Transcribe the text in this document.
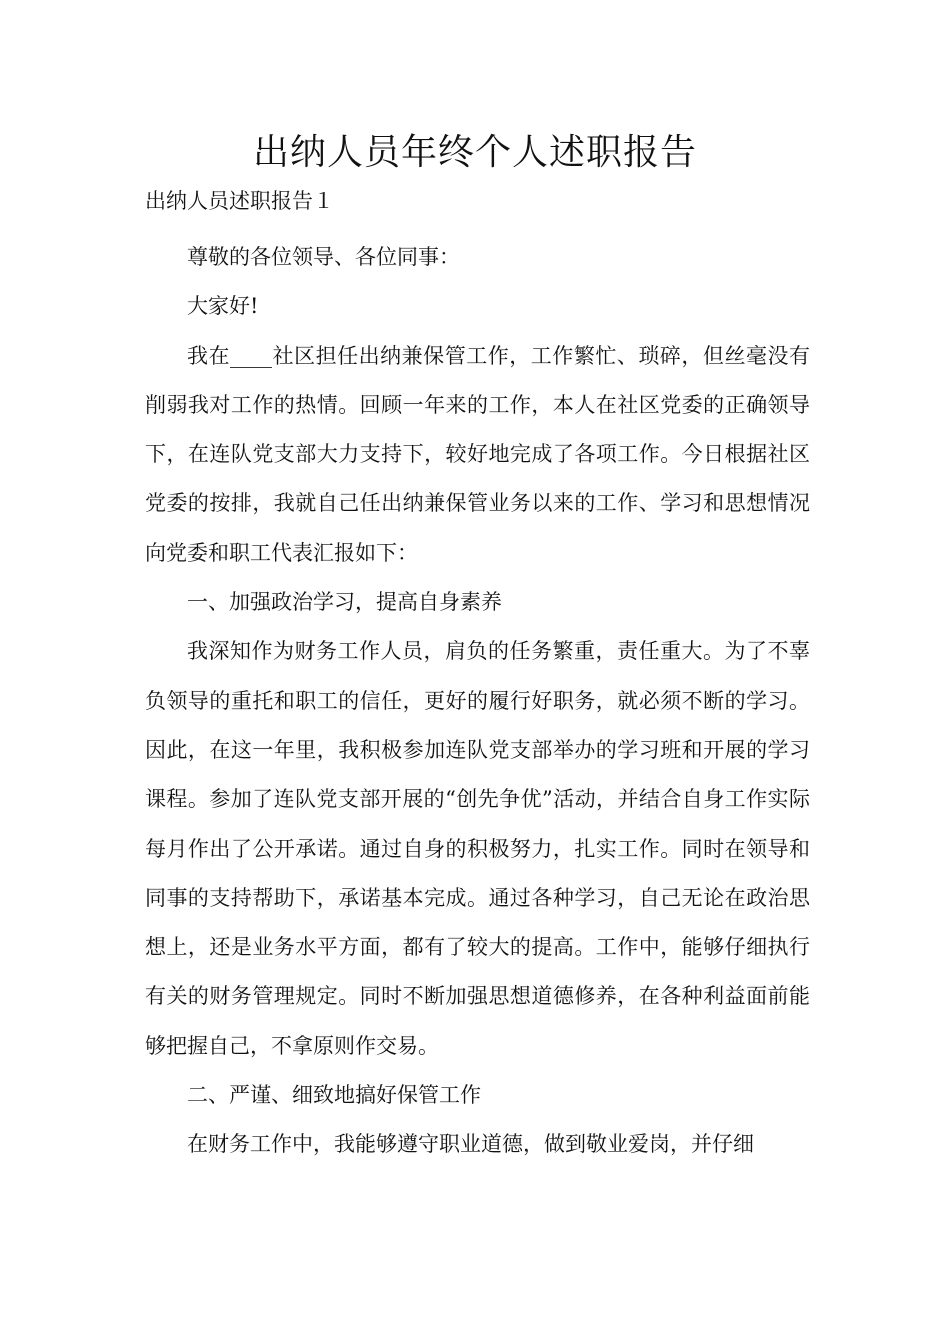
出纳人员年终个人述职报告
出纳人员述职报告１

尊敬的各位领导、各位同事：

大家好!

我在____社区担任出纳兼保管工作，工作繁忙、琐碎，但丝毫没有削弱我对工作的热情。回顾一年来的工作，本人在社区党委的正确领导下，在连队党支部大力支持下，较好地完成了各项工作。今日根据社区党委的按排，我就自己任出纳兼保管业务以来的工作、学习和思想情况向党委和职工代表汇报如下：

一、加强政治学习，提高自身素养

我深知作为财务工作人员，肩负的任务繁重，责任重大。为了不辜负领导的重托和职工的信任，更好的履行好职务，就必须不断的学习。因此，在这一年里，我积极参加连队党支部举办的学习班和开展的学习课程。参加了连队党支部开展的“创先争优”活动，并结合自身工作实际每月作出了公开承诺。通过自身的积极努力，扎实工作。同时在领导和同事的支持帮助下，承诺基本完成。通过各种学习，自己无论在政治思想上，还是业务水平方面，都有了较大的提高。工作中，能够仔细执行有关的财务管理规定。同时不断加强思想道德修养，在各种利益面前能够把握自己，不拿原则作交易。

二、严谨、细致地搞好保管工作

在财务工作中，我能够遵守职业道德，做到敬业爱岗，并仔细
